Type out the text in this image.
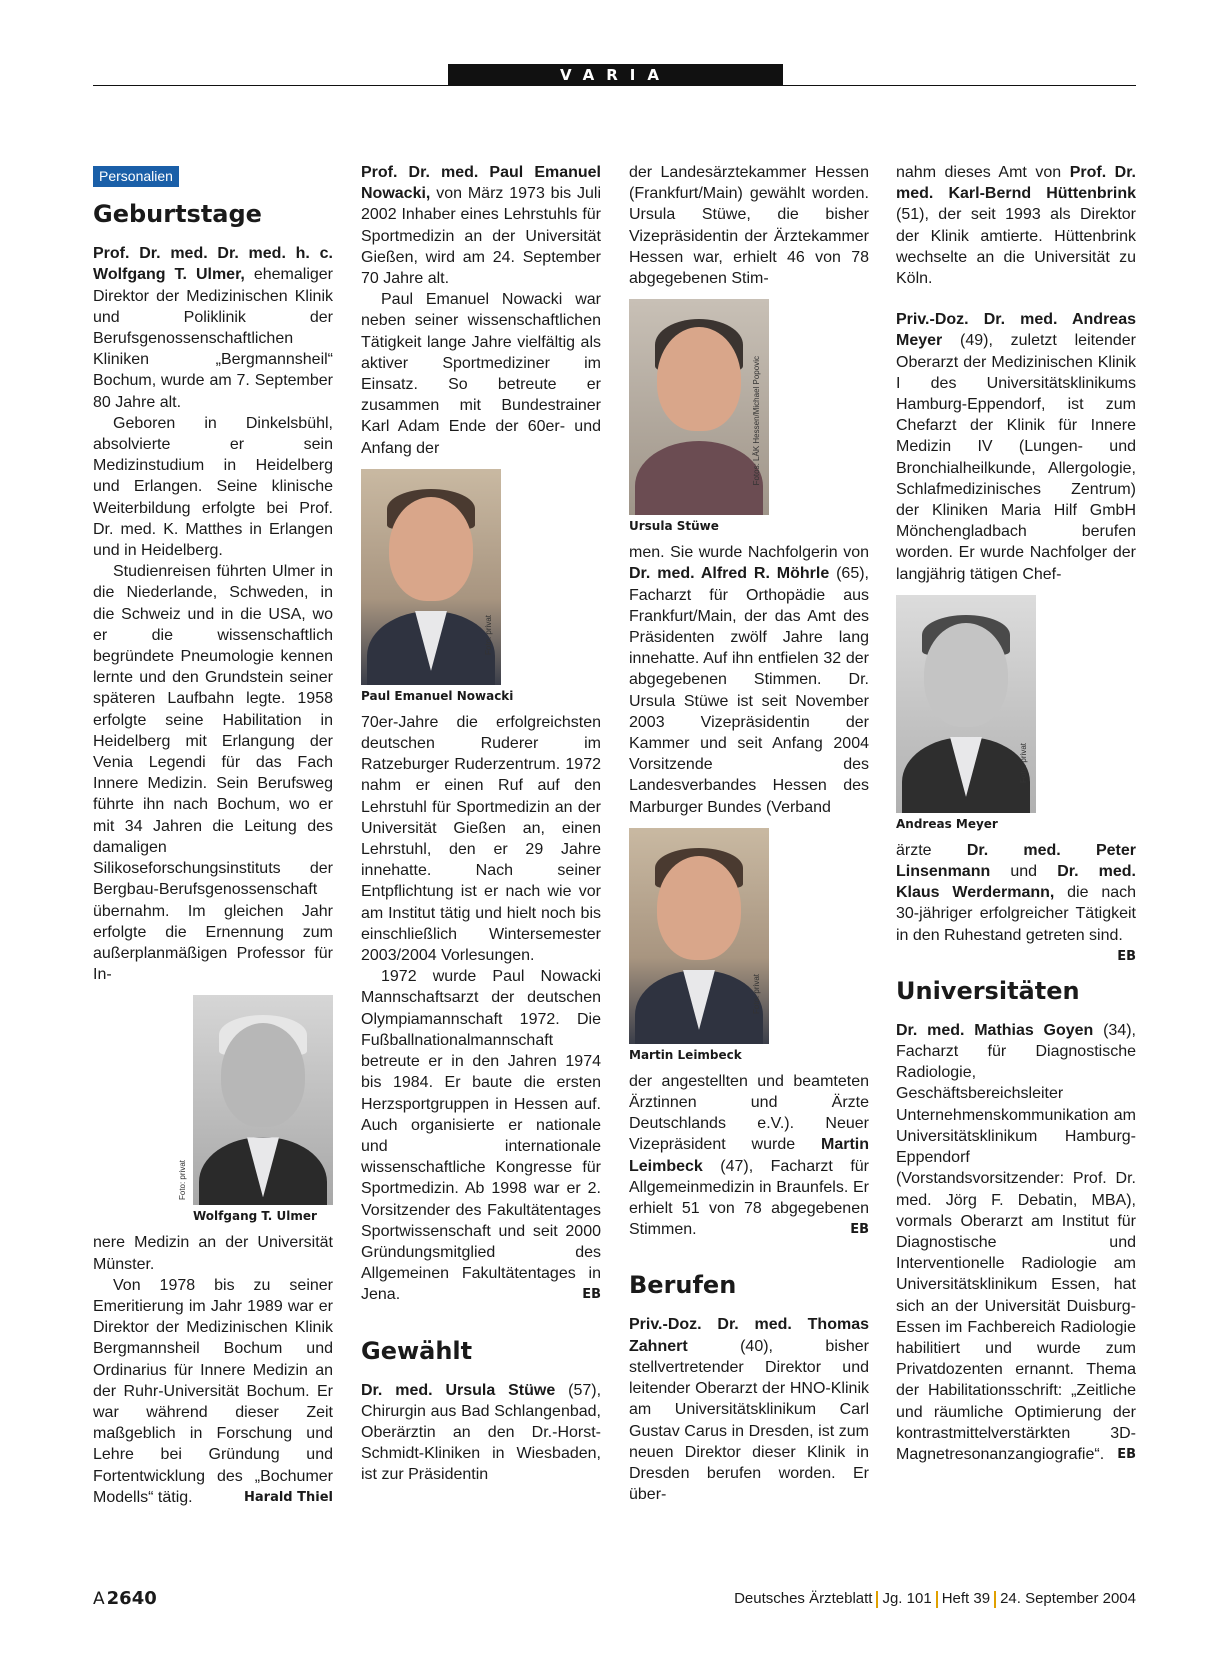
VARIA
Personalien
Geburtstage

Prof. Dr. med. Dr. med. h. c. Wolfgang T. Ulmer, ehemaliger Direktor der Medizinischen Klinik und Poliklinik der Berufsgenossenschaftlichen Kliniken „Bergmannsheil“ Bochum, wurde am 7. September 80 Jahre alt.

Geboren in Dinkelsbühl, absolvierte er sein Medizinstudium in Heidelberg und Erlangen. Seine klinische Weiterbildung erfolgte bei Prof. Dr. med. K. Matthes in Erlangen und in Heidelberg.

Studienreisen führten Ulmer in die Niederlande, Schweden, in die Schweiz und in die USA, wo er die wissenschaftlich begründete Pneumologie kennen lernte und den Grundstein seiner späteren Laufbahn legte. 1958 erfolgte seine Habilitation in Heidelberg mit Erlangung der Venia Legendi für das Fach Innere Medizin. Sein Berufsweg führte ihn nach Bochum, wo er mit 34 Jahren die Leitung des damaligen Silikoseforschungsinstituts der Bergbau-Berufsgenossenschaft übernahm. Im gleichen Jahr erfolgte die Ernennung zum außerplanmäßigen Professor für In-

Wolfgang T. Ulmer

nere Medizin an der Universität Münster.

Von 1978 bis zu seiner Emeritierung im Jahr 1989 war er Direktor der Medizinischen Klinik Bergmannsheil Bochum und Ordinarius für Innere Medizin an der Ruhr-Universität Bochum. Er war während dieser Zeit maßgeblich in Forschung und Lehre bei Gründung und Fortentwicklung des „Bochumer Modells“ tätig.	Harald Thiel

Foto: privat

Prof. Dr. med. Paul Emanuel Nowacki, von März 1973 bis Juli 2002 Inhaber eines Lehrstuhls für Sportmedizin an der Universität Gießen, wird am 24. September 70 Jahre alt.

Paul Emanuel Nowacki war neben seiner wissenschaftlichen Tätigkeit lange Jahre vielfältig als aktiver Sportmediziner im Einsatz. So betreute er zusammen mit Bundestrainer Karl Adam Ende der 60er- und Anfang der

Foto: privat
Paul Emanuel Nowacki

70er-Jahre die erfolgreichsten deutschen Ruderer im Ratzeburger Ruderzentrum. 1972 nahm er einen Ruf auf den Lehrstuhl für Sportmedizin an der Universität Gießen an, einen Lehrstuhl, den er 29 Jahre innehatte. Nach seiner Entpflichtung ist er nach wie vor am Institut tätig und hielt noch bis einschließlich Wintersemester 2003/2004 Vorlesungen.

1972 wurde Paul Nowacki Mannschaftsarzt der deutschen Olympiamannschaft 1972. Die Fußballnationalmannschaft betreute er in den Jahren 1974 bis 1984. Er baute die ersten Herzsportgruppen in Hessen auf. Auch organisierte er nationale und internationale wissenschaftliche Kongresse für Sportmedizin. Ab 1998 war er 2. Vorsitzender des Fakultätentages Sportwissenschaft und seit 2000 Gründungsmitglied des Allgemeinen Fakultätentages in Jena.	EB

Gewählt

Dr. med. Ursula Stüwe (57), Chirurgin aus Bad Schlangenbad, Oberärztin an den Dr.-Horst-Schmidt-Kliniken in Wiesbaden, ist zur Präsidentin

der Landesärztekammer Hessen (Frankfurt/Main) gewählt worden. Ursula Stüwe, die bisher Vizepräsidentin der Ärztekammer Hessen war, erhielt 46 von 78 abgegebenen Stim-

Fotos: LÄK Hessen/Michael Popovic
Ursula Stüwe

men. Sie wurde Nachfolgerin von Dr. med. Alfred R. Möhrle (65), Facharzt für Orthopädie aus Frankfurt/Main, der das Amt des Präsidenten zwölf Jahre lang innehatte. Auf ihn entfielen 32 der abgegebenen Stimmen. Dr. Ursula Stüwe ist seit November 2003 Vizepräsidentin der Kammer und seit Anfang 2004 Vorsitzende des Landesverbandes Hessen des Marburger Bundes (Verband

Foto: privat
Martin Leimbeck

der angestellten und beamteten Ärztinnen und Ärzte Deutschlands e.V.). Neuer Vizepräsident wurde Martin Leimbeck (47), Facharzt für Allgemeinmedizin in Braunfels. Er erhielt 51 von 78 abgegebenen Stimmen.	EB

Berufen

Priv.-Doz. Dr. med. Thomas Zahnert (40), bisher stellvertretender Direktor und leitender Oberarzt der HNO-Klinik am Universitätsklinikum Carl Gustav Carus in Dresden, ist zum neuen Direktor dieser Klinik in Dresden berufen worden. Er über-

nahm dieses Amt von Prof. Dr. med. Karl-Bernd Hüttenbrink (51), der seit 1993 als Direktor der Klinik amtierte. Hüttenbrink wechselte an die Universität zu Köln.

Priv.-Doz. Dr. med. Andreas Meyer (49), zuletzt leitender Oberarzt der Medizinischen Klinik I des Universitätsklinikums Hamburg-Eppendorf, ist zum Chefarzt der Klinik für Innere Medizin IV (Lungen- und Bronchialheilkunde, Allergologie, Schlafmedizinisches Zentrum) der Kliniken Maria Hilf GmbH Mönchengladbach berufen worden. Er wurde Nachfolger der langjährig tätigen Chef-

Foto: privat
Andreas Meyer

ärzte Dr. med. Peter Linsenmann und Dr. med. Klaus Werdermann, die nach 30-jähriger erfolgreicher Tätigkeit in den Ruhestand getreten sind.
EB

Universitäten

Dr. med. Mathias Goyen (34), Facharzt für Diagnostische Radiologie, Geschäftsbereichsleiter Unternehmenskommunikation am Universitätsklinikum Hamburg-Eppendorf (Vorstandsvorsitzender: Prof. Dr. med. Jörg F. Debatin, MBA), vormals Oberarzt am Institut für Diagnostische und Interventionelle Radiologie am Universitätsklinikum Essen, hat sich an der Universität Duisburg-Essen im Fachbereich Radiologie habilitiert und wurde zum Privatdozenten ernannt. Thema der Habilitationsschrift: „Zeitliche und räumliche Optimierung der kontrastmittelverstärkten 3D-Magnetresonanzangiografie“. EB

A 2640	Deutsches Ärzteblatt Jg. 101 Heft 39 24. September 2004
